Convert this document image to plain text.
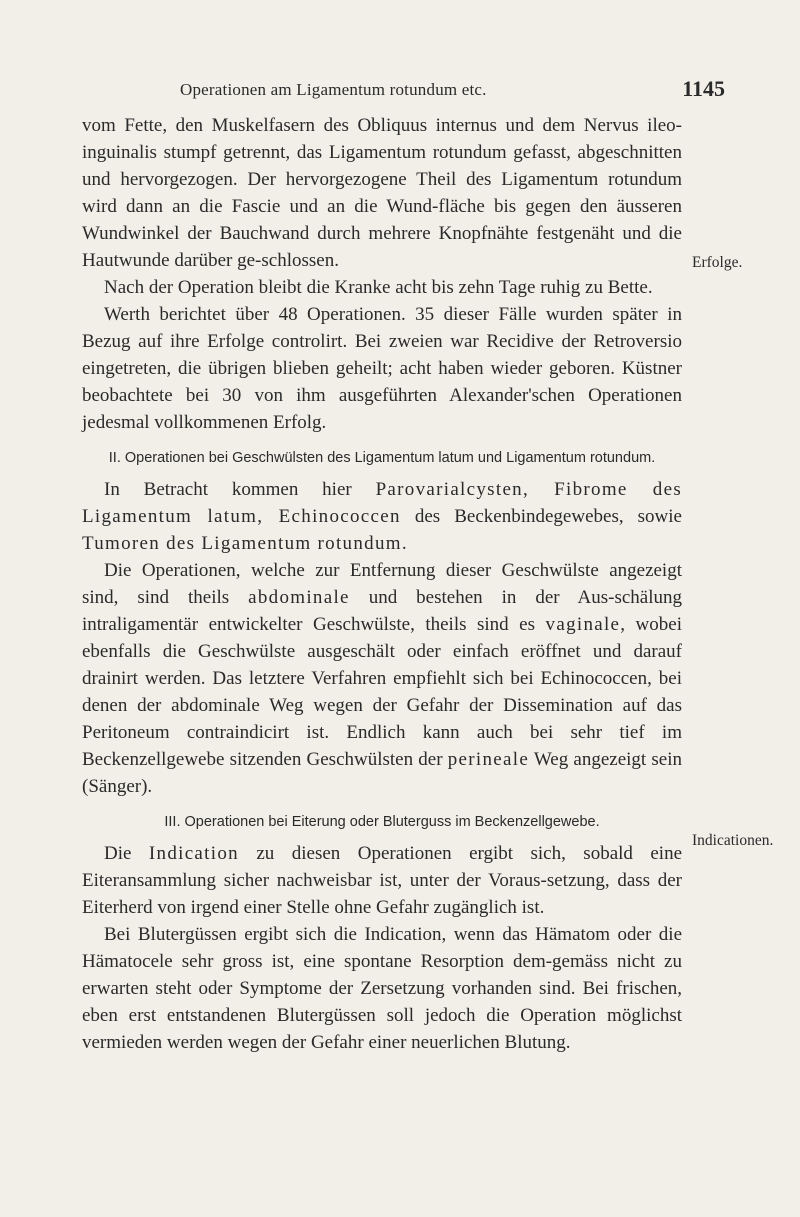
Operationen am Ligamentum rotundum etc.	1145
Erfolge.
Indicationen.

vom Fette, den Muskelfasern des Obliquus internus und dem Nervus ileo-inguinalis stumpf getrennt, das Ligamentum rotundum gefasst, abgeschnitten und hervorgezogen. Der hervorgezogene Theil des Ligamentum rotundum wird dann an die Fascie und an die Wund-fläche bis gegen den äusseren Wundwinkel der Bauchwand durch mehrere Knopfnähte festgenäht und die Hautwunde darüber ge-schlossen.

Nach der Operation bleibt die Kranke acht bis zehn Tage ruhig zu Bette.

Werth berichtet über 48 Operationen. 35 dieser Fälle wurden später in Bezug auf ihre Erfolge controlirt. Bei zweien war Recidive der Retroversio eingetreten, die übrigen blieben geheilt; acht haben wieder geboren. Küstner beobachtete bei 30 von ihm ausgeführten Alexander'schen Operationen jedesmal vollkommenen Erfolg.

II. Operationen bei Geschwülsten des Ligamentum latum und Ligamentum rotundum.

In Betracht kommen hier Parovarialcysten, Fibrome des Ligamentum latum, Echinococcen des Beckenbindegewebes, sowie Tumoren des Ligamentum rotundum.

Die Operationen, welche zur Entfernung dieser Geschwülste angezeigt sind, sind theils abdominale und bestehen in der Aus-schälung intraligamentär entwickelter Geschwülste, theils sind es vaginale, wobei ebenfalls die Geschwülste ausgeschält oder einfach eröffnet und darauf drainirt werden. Das letztere Verfahren empfiehlt sich bei Echinococcen, bei denen der abdominale Weg wegen der Gefahr der Dissemination auf das Peritoneum contraindicirt ist. Endlich kann auch bei sehr tief im Beckenzellgewebe sitzenden Geschwülsten der perineale Weg angezeigt sein (Sänger).

III. Operationen bei Eiterung oder Bluterguss im Beckenzellgewebe.

Die Indication zu diesen Operationen ergibt sich, sobald eine Eiteransammlung sicher nachweisbar ist, unter der Voraus-setzung, dass der Eiterherd von irgend einer Stelle ohne Gefahr zugänglich ist.

Bei Blutergüssen ergibt sich die Indication, wenn das Hämatom oder die Hämatocele sehr gross ist, eine spontane Resorption dem-gemäss nicht zu erwarten steht oder Symptome der Zersetzung vorhanden sind. Bei frischen, eben erst entstandenen Blutergüssen soll jedoch die Operation möglichst vermieden werden wegen der Gefahr einer neuerlichen Blutung.
